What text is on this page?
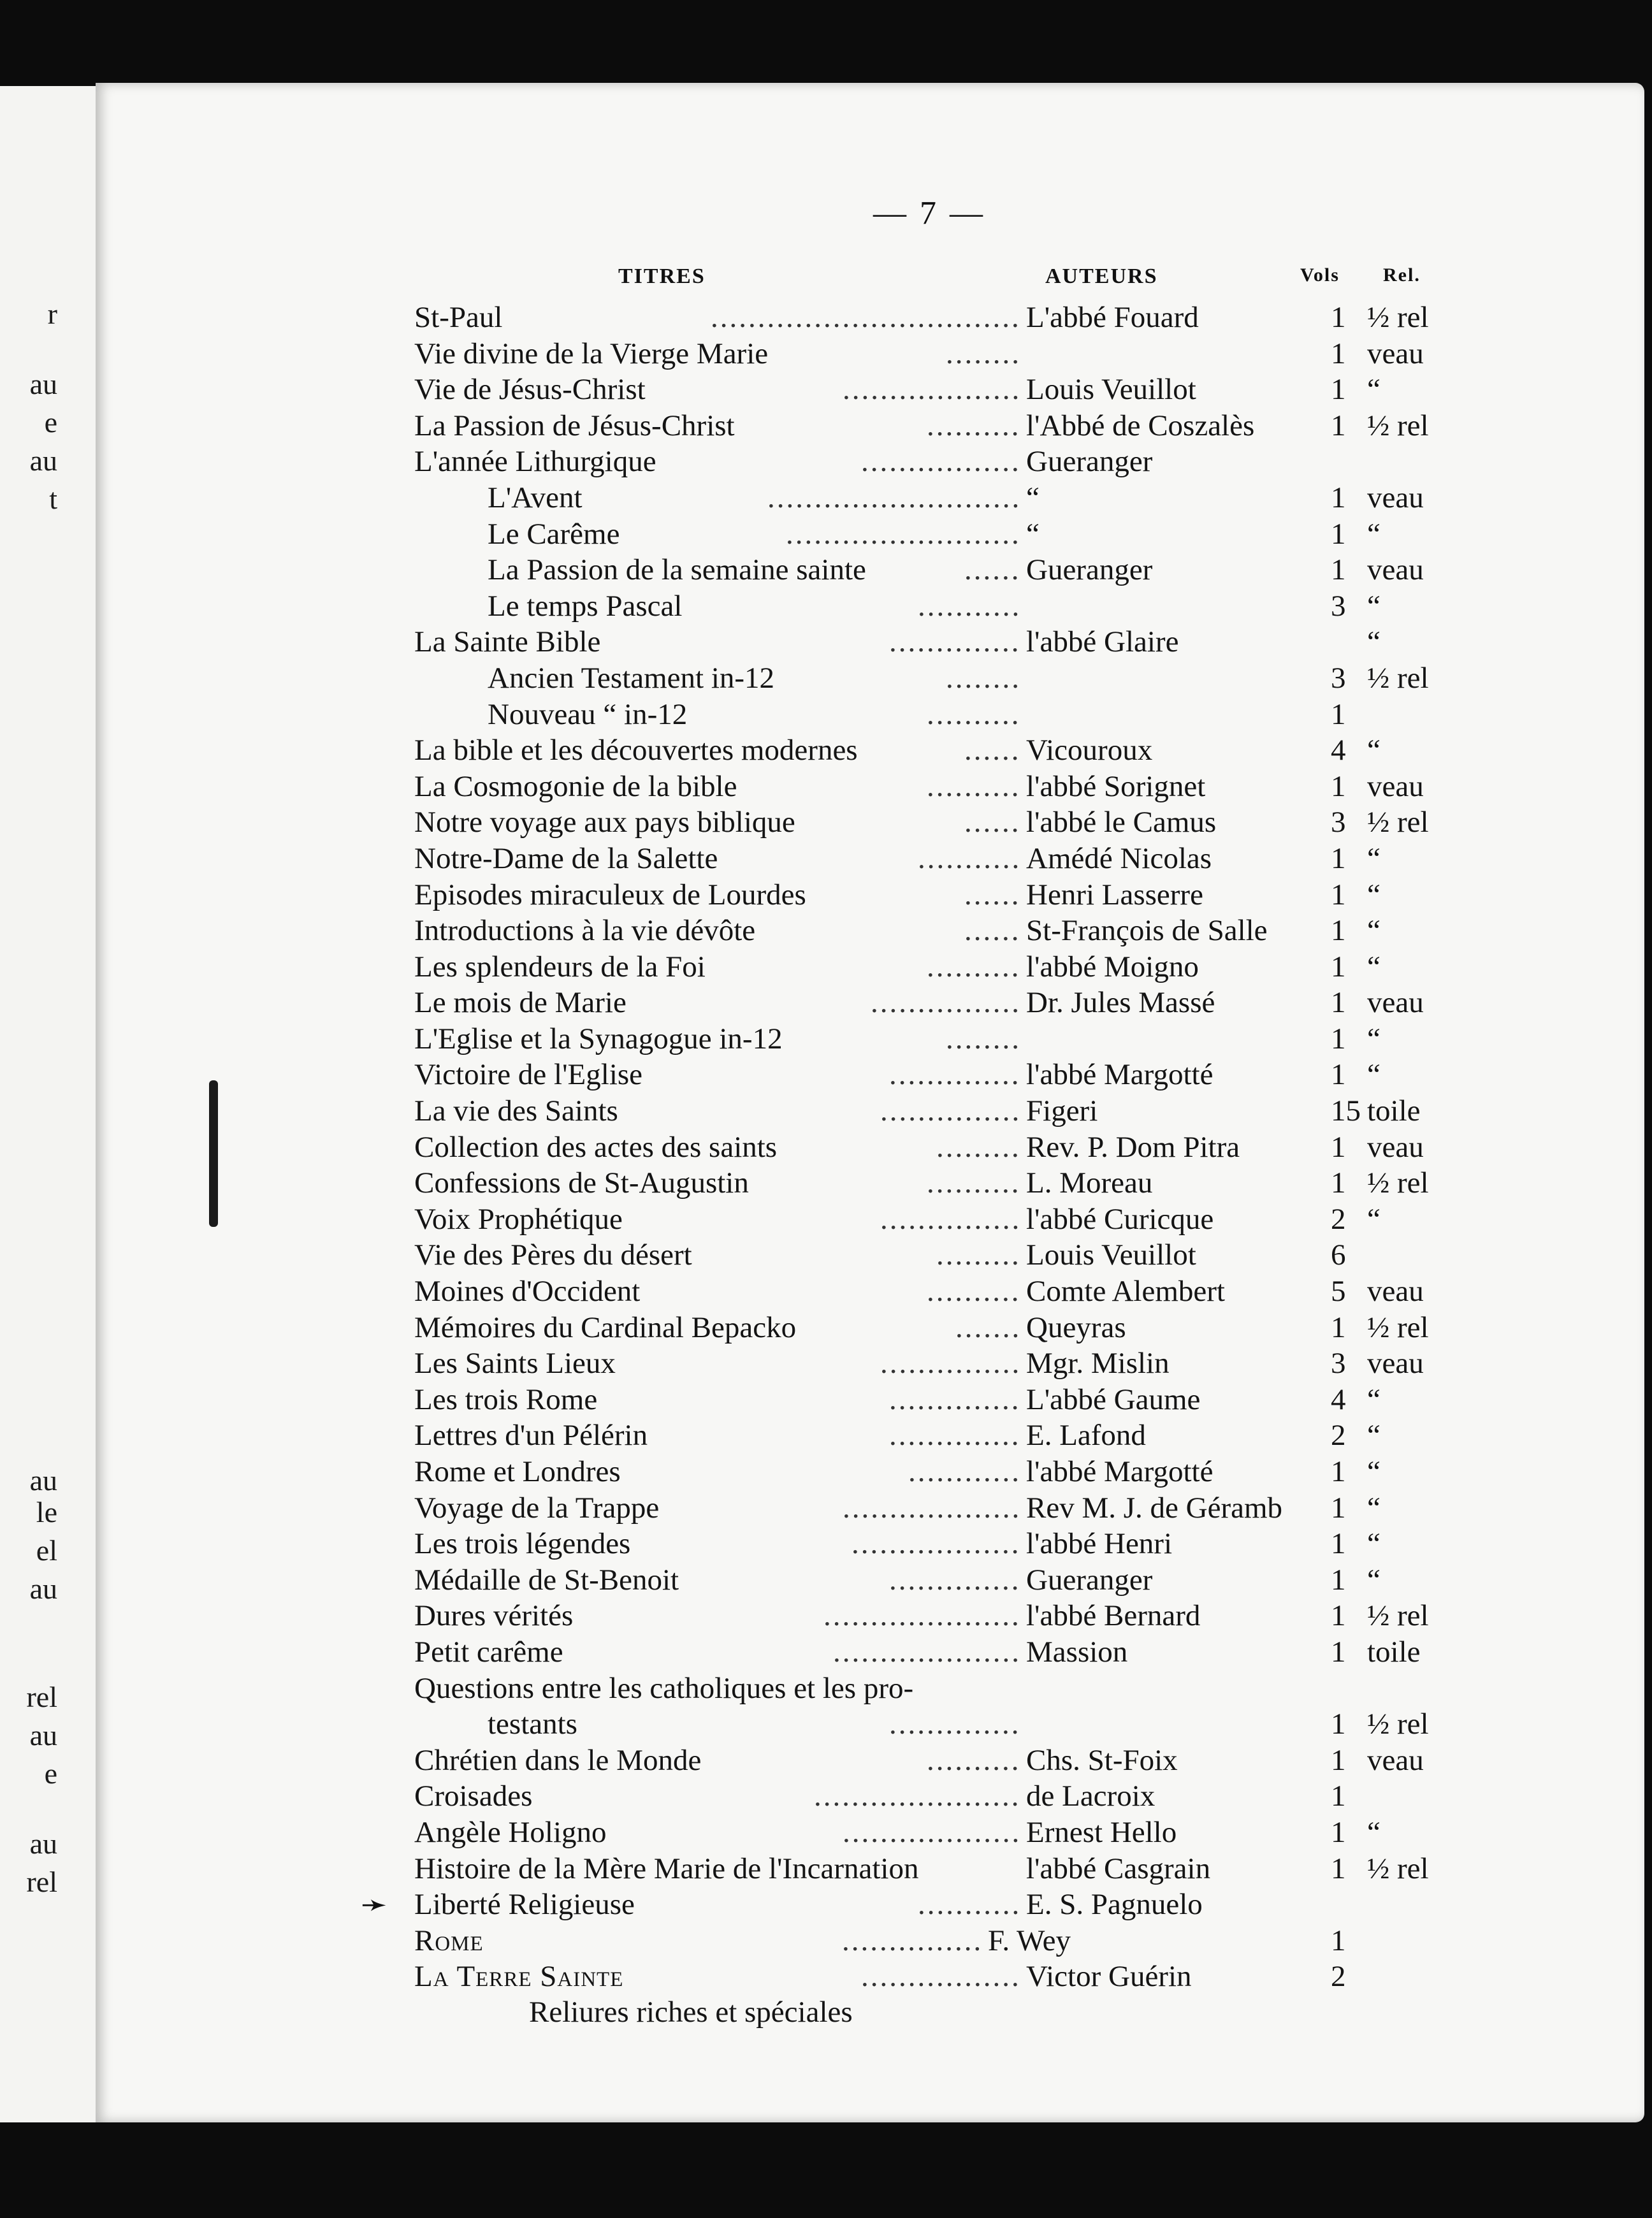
r
au
e
au
t
au
le
el
au
rel
au
e
au
rel
— 7 —
TITRES	AUTEURS	Vols Rel.
St-Paul	................................. L'abbé Fouard	1 ½ rel
Vie divine de la Vierge Marie	........	1 veau
Vie de Jésus-Christ	................... Louis Veuillot	1 “
La Passion de Jésus-Christ	.......... l'Abbé de Coszalès	1 ½ rel
L'année Lithurgique	................. Gueranger
L'Avent	........................... “	1 veau
Le Carême	......................... “	1 “
La Passion de la semaine sainte	...... Gueranger	1 veau
Le temps Pascal	...........	3 “
La Sainte Bible	.............. l'abbé Glaire	“
Ancien Testament in-12	........	3 ½ rel
Nouveau “ in-12	..........	1
La bible et les découvertes modernes	...... Vicouroux	4 “
La Cosmogonie de la bible	.......... l'abbé Sorignet	1 veau
Notre voyage aux pays biblique	...... l'abbé le Camus	3 ½ rel
Notre-Dame de la Salette	........... Amédé Nicolas	1 “
Episodes miraculeux de Lourdes	...... Henri Lasserre	1 “
Introductions à la vie dévôte	...... St-François de Salle 1 “
Les splendeurs de la Foi	.......... l'abbé Moigno	1 “
Le mois de Marie	................ Dr. Jules Massé	1 veau
L'Eglise et la Synagogue in-12	........	1 “
Victoire de l'Eglise	.............. l'abbé Margotté	1 “
La vie des Saints	............... Figeri	15 toile
Collection des actes des saints	......... Rev. P. Dom Pitra	1 veau
Confessions de St-Augustin	.......... L. Moreau	1 ½ rel
Voix Prophétique	............... l'abbé Curicque	2 “
Vie des Pères du désert	......... Louis Veuillot	6
Moines d'Occident	.......... Comte Alembert	5 veau
Mémoires du Cardinal Bepacko	....... Queyras	1 ½ rel
Les Saints Lieux	............... Mgr. Mislin	3 veau
Les trois Rome	.............. L'abbé Gaume	4 “
Lettres d'un Pélérin	.............. E. Lafond	2 “
Rome et Londres	............ l'abbé Margotté	1 “
Voyage de la Trappe	................... Rev M. J. de Géramb 1 “
Les trois légendes	.................. l'abbé Henri	1 “
Médaille de St-Benoit	.............. Gueranger	1 “
Dures vérités	..................... l'abbé Bernard	1 ½ rel
Petit carême	.................... Massion	1 toile
Questions entre les catholiques et les pro-
testants	..............	1 ½ rel
Chrétien dans le Monde	.......... Chs. St-Foix	1 veau
Croisades	...................... de Lacroix	1
Angèle Holigno	................... Ernest Hello	1 “
Histoire de la Mère Marie de l'Incarnation	l'abbé Casgrain	1 ½ rel
➛ Liberté Religieuse	........... E. S. Pagnuelo
Rome	............... F. Wey	1
La Terre Sainte	................. Victor Guérin	2
Reliures riches et spéciales
